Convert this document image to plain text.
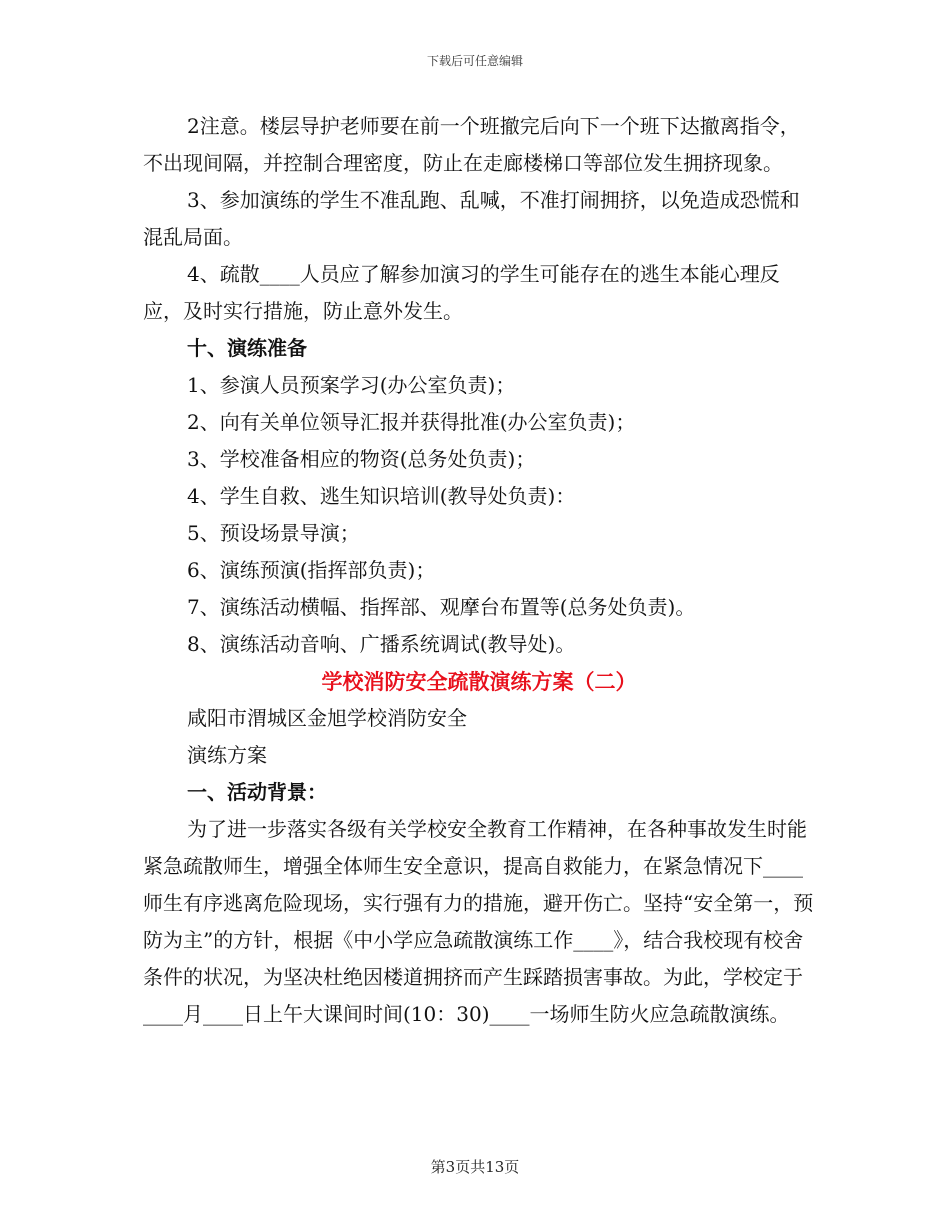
下载后可任意编辑

2注意。楼层导护老师要在前一个班撤完后向下一个班下达撤离指令，不出现间隔，并控制合理密度，防止在走廊楼梯口等部位发生拥挤现象。

3、参加演练的学生不准乱跑、乱喊，不准打闹拥挤，以免造成恐慌和混乱局面。

4、疏散____人员应了解参加演习的学生可能存在的逃生本能心理反应，及时实行措施，防止意外发生。

十、演练准备

1、参演人员预案学习(办公室负责)；

2、向有关单位领导汇报并获得批准(办公室负责)；

3、学校准备相应的物资(总务处负责)；

4、学生自救、逃生知识培训(教导处负责)：

5、预设场景导演；

6、演练预演(指挥部负责)；

7、演练活动横幅、指挥部、观摩台布置等(总务处负责)。

8、演练活动音响、广播系统调试(教导处)。

学校消防安全疏散演练方案（二）

咸阳市渭城区金旭学校消防安全

演练方案

一、活动背景：

为了进一步落实各级有关学校安全教育工作精神，在各种事故发生时能紧急疏散师生，增强全体师生安全意识，提高自救能力，在紧急情况下____师生有序逃离危险现场，实行强有力的措施，避开伤亡。坚持“安全第一，预防为主”的方针，根据《中小学应急疏散演练工作____》，结合我校现有校舍条件的状况，为坚决杜绝因楼道拥挤而产生踩踏损害事故。为此，学校定于____月____日上午大课间时间(10：30)____一场师生防火应急疏散演练。

第3页共13页
